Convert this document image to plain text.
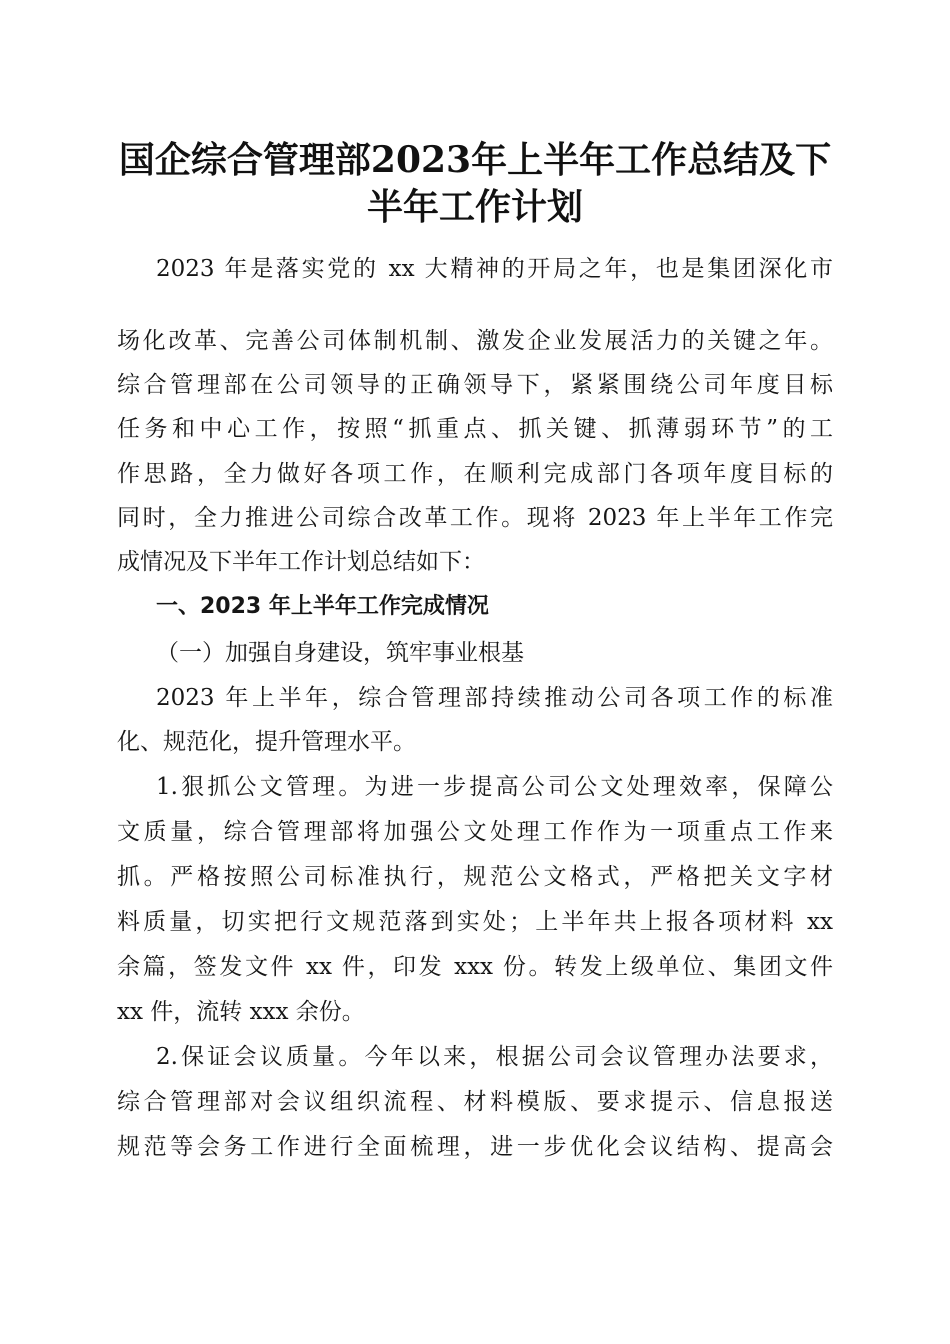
国企综合管理部2023年上半年工作总结及下
半年工作计划
2023 年是落实党的 xx 大精神的开局之年，也是集团深化市
场化改革、完善公司体制机制、激发企业发展活力的关键之年。
综合管理部在公司领导的正确领导下，紧紧围绕公司年度目标
任务和中心工作，按照“抓重点、抓关键、抓薄弱环节”的工
作思路，全力做好各项工作，在顺利完成部门各项年度目标的
同时，全力推进公司综合改革工作。现将 2023 年上半年工作完
成情况及下半年工作计划总结如下：
一、2023 年上半年工作完成情况
（一）加强自身建设，筑牢事业根基
2023 年上半年，综合管理部持续推动公司各项工作的标准
化、规范化，提升管理水平。
1.狠抓公文管理。为进一步提高公司公文处理效率，保障公
文质量，综合管理部将加强公文处理工作作为一项重点工作来
抓。严格按照公司标准执行，规范公文格式，严格把关文字材
料质量，切实把行文规范落到实处；上半年共上报各项材料 xx
余篇，签发文件 xx 件，印发 xxx 份。转发上级单位、集团文件
xx 件，流转 xxx 余份。
2.保证会议质量。今年以来，根据公司会议管理办法要求，
综合管理部对会议组织流程、材料模版、要求提示、信息报送
规范等会务工作进行全面梳理，进一步优化会议结构、提高会
